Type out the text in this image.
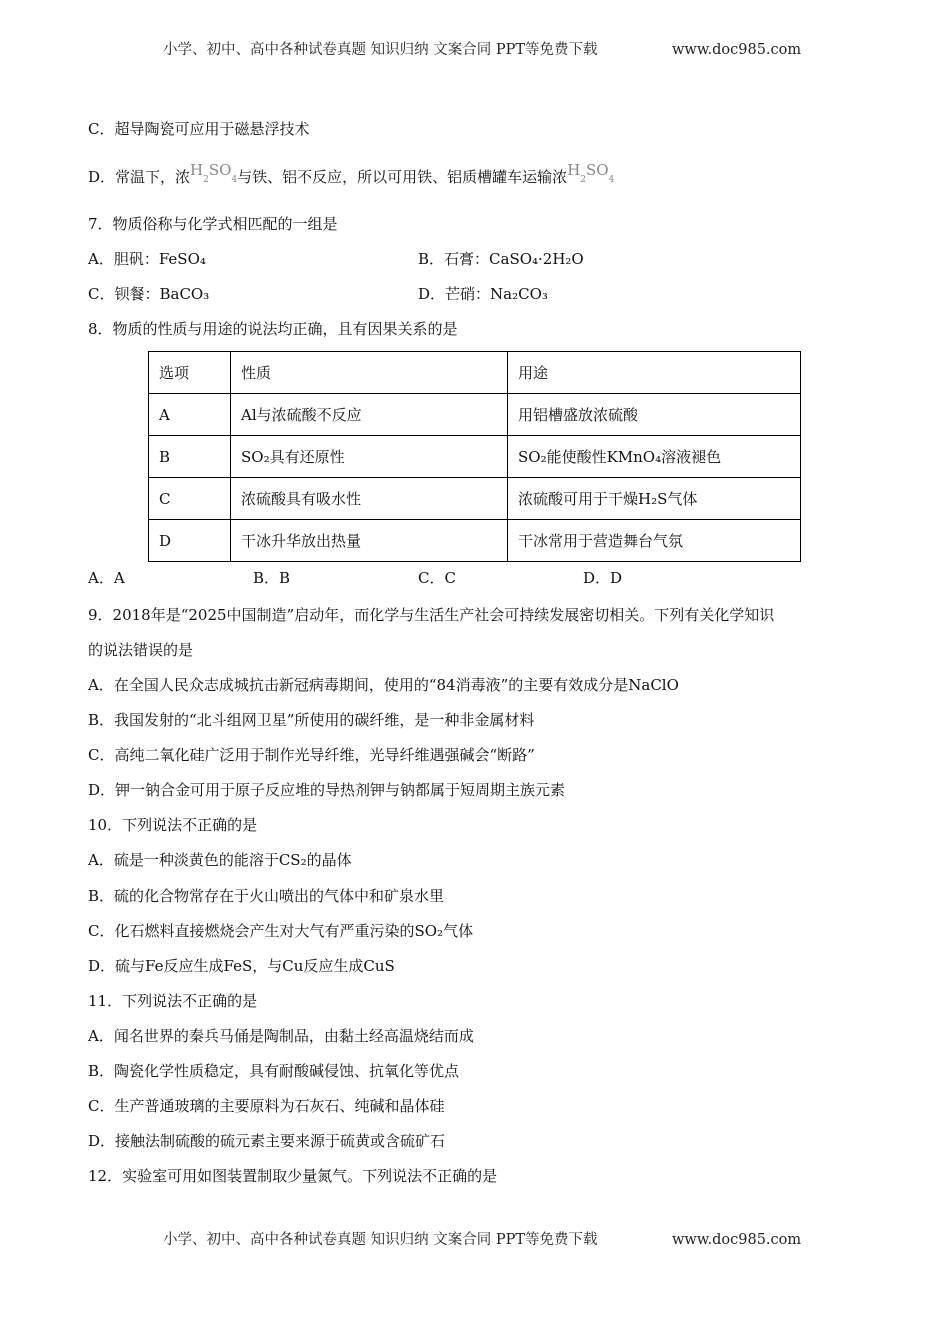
小学、初中、高中各种试卷真题 知识归纳 文案合同 PPT等免费下载	www.doc985.com
C．超导陶瓷可应用于磁悬浮技术
D．常温下，浓$H_2SO_4$与铁、铝不反应，所以可用铁、铝质槽罐车运输浓$H_2SO_4$
7．物质俗称与化学式相匹配的一组是
A．胆矾：FeSO₄	B．石膏：CaSO₄·2H₂O
C．钡餐：BaCO₃	D．芒硝：Na₂CO₃
8．物质的性质与用途的说法均正确，且有因果关系的是
选项	性质	用途
A	Al与浓硫酸不反应	用铝槽盛放浓硫酸
B	SO₂具有还原性	SO₂能使酸性KMnO₄溶液褪色
C	浓硫酸具有吸水性	浓硫酸可用于干燥H₂S气体
D	干冰升华放出热量	干冰常用于营造舞台气氛
A．A	B．B	C．C	D．D
9．2018年是“2025中国制造”启动年，而化学与生活生产社会可持续发展密切相关。下列有关化学知识
的说法错误的是
A．在全国人民众志成城抗击新冠病毒期间，使用的“84消毒液”的主要有效成分是NaClO
B．我国发射的“北斗组网卫星”所使用的碳纤维，是一种非金属材料
C．高纯二氧化硅广泛用于制作光导纤维，光导纤维遇强碱会“断路”
D．钾一钠合金可用于原子反应堆的导热剂钾与钠都属于短周期主族元素
10．下列说法不正确的是
A．硫是一种淡黄色的能溶于CS₂的晶体
B．硫的化合物常存在于火山喷出的气体中和矿泉水里
C．化石燃料直接燃烧会产生对大气有严重污染的SO₂气体
D．硫与Fe反应生成FeS，与Cu反应生成CuS
11．下列说法不正确的是
A．闻名世界的秦兵马俑是陶制品，由黏土经高温烧结而成
B．陶瓷化学性质稳定，具有耐酸碱侵蚀、抗氧化等优点
C．生产普通玻璃的主要原料为石灰石、纯碱和晶体硅
D．接触法制硫酸的硫元素主要来源于硫黄或含硫矿石
12．实验室可用如图装置制取少量氮气。下列说法不正确的是
小学、初中、高中各种试卷真题 知识归纳 文案合同 PPT等免费下载	www.doc985.com
